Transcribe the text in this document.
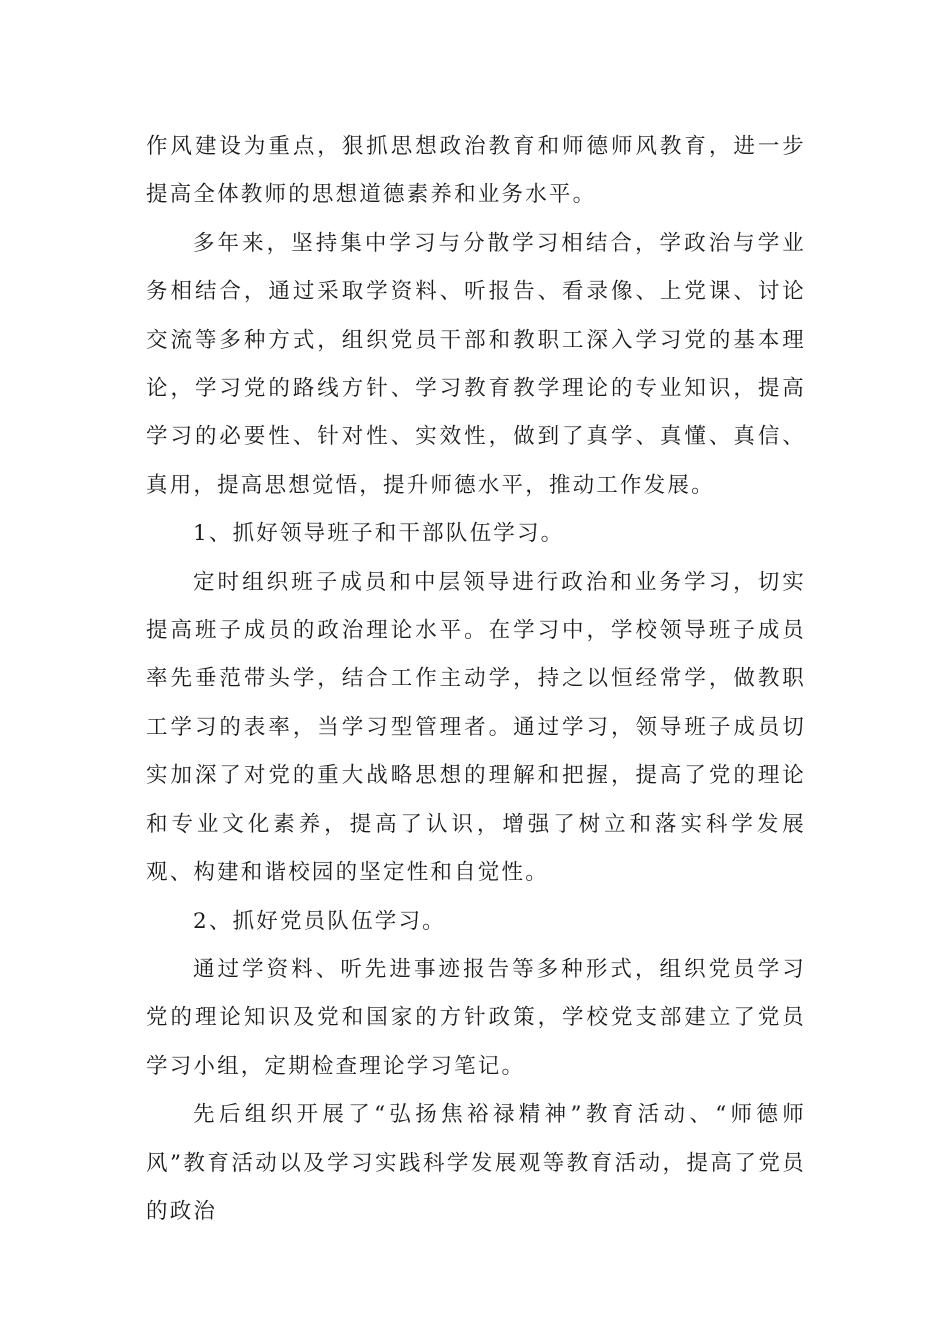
作风建设为重点，狠抓思想政治教育和师德师风教育，进一步提高全体教师的思想道德素养和业务水平。

多年来，坚持集中学习与分散学习相结合，学政治与学业务相结合，通过采取学资料、听报告、看录像、上党课、讨论交流等多种方式，组织党员干部和教职工深入学习党的基本理论，学习党的路线方针、学习教育教学理论的专业知识，提高学习的必要性、针对性、实效性，做到了真学、真懂、真信、真用，提高思想觉悟，提升师德水平，推动工作发展。

1、抓好领导班子和干部队伍学习。

定时组织班子成员和中层领导进行政治和业务学习，切实提高班子成员的政治理论水平。在学习中，学校领导班子成员率先垂范带头学，结合工作主动学，持之以恒经常学，做教职工学习的表率，当学习型管理者。通过学习，领导班子成员切实加深了对党的重大战略思想的理解和把握，提高了党的理论和专业文化素养，提高了认识，增强了树立和落实科学发展观、构建和谐校园的坚定性和自觉性。

2、抓好党员队伍学习。

通过学资料、听先进事迹报告等多种形式，组织党员学习党的理论知识及党和国家的方针政策，学校党支部建立了党员学习小组，定期检查理论学习笔记。

先后组织开展了“弘扬焦裕禄精神”教育活动、“师德师风”教育活动以及学习实践科学发展观等教育活动，提高了党员的政治
